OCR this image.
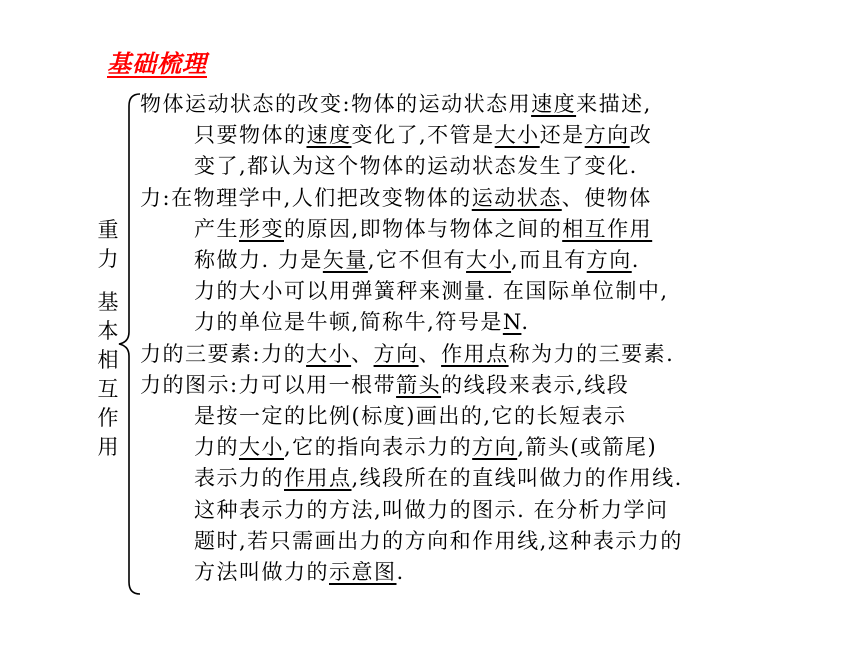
基础梳理
重
力
基
本
相
互
作
用
物体运动状态的改变:物体的运动状态用速度来描述,
只要物体的速度变化了,不管是大小还是方向改
变了,都认为这个物体的运动状态发生了变化.
力:在物理学中,人们把改变物体的运动状态、使物体
产生形变的原因,即物体与物体之间的相互作用
称做力. 力是矢量,它不但有大小,而且有方向.
力的大小可以用弹簧秤来测量. 在国际单位制中,
力的单位是牛顿,简称牛,符号是N.
力的三要素:力的大小、方向、作用点称为力的三要素.
力的图示:力可以用一根带箭头的线段来表示,线段
是按一定的比例(标度)画出的,它的长短表示
力的大小,它的指向表示力的方向,箭头(或箭尾)
表示力的作用点,线段所在的直线叫做力的作用线.
这种表示力的方法,叫做力的图示. 在分析力学问
题时,若只需画出力的方向和作用线,这种表示力的
方法叫做力的示意图.
